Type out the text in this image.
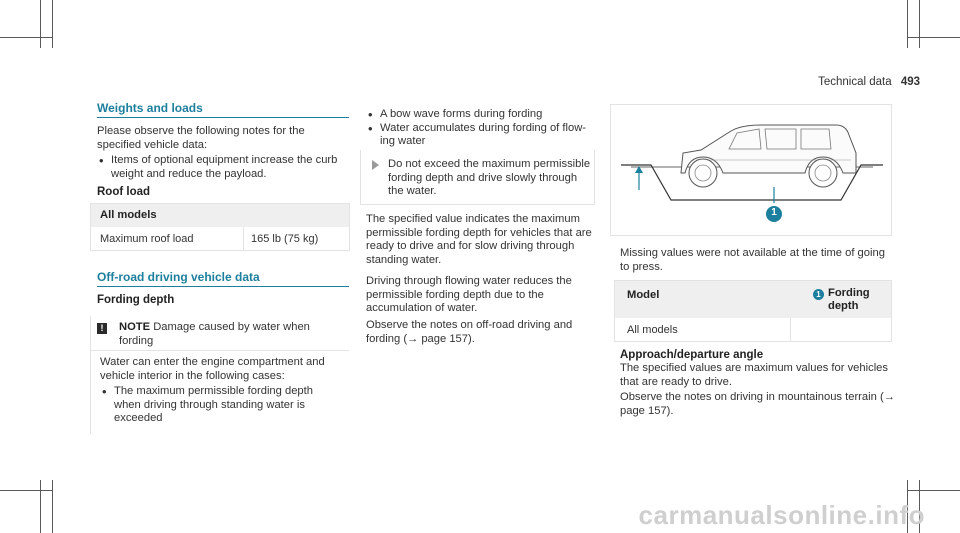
Technical data 493
Weights and loads
Please observe the following notes for the specified vehicle data:
• Items of optional equipment increase the curb weight and reduce the payload.
Roof load
All models
Maximum roof load	165 lb (75 kg)
Off-road driving vehicle data
Fording depth
!	NOTE Damage caused by water when fording
Water can enter the engine compartment and vehicle interior in the following cases:
• The maximum permissible fording depth when driving through standing water is exceeded
• A bow wave forms during fording
• Water accumulates during fording of flow-ing water
Do not exceed the maximum permissible fording depth and drive slowly through the water.
The specified value indicates the maximum permissible fording depth for vehicles that are ready to drive and for slow driving through standing water.
Driving through flowing water reduces the permissible fording depth due to the accumulation of water.
Observe the notes on off-road driving and fording (→ page 157).
1
Missing values were not available at the time of going to press.
Model	1 Fording depth
All models
Approach/departure angle
The specified values are maximum values for vehicles that are ready to drive.
Observe the notes on driving in mountainous terrain (→ page 157).
carmanualsonline.info
